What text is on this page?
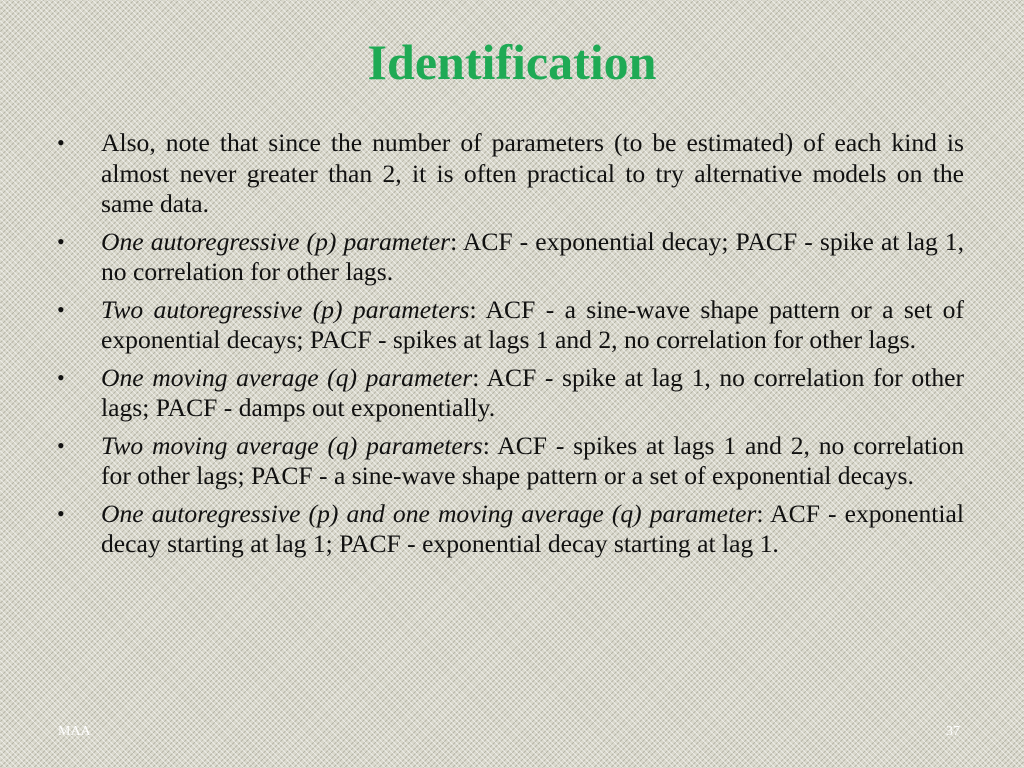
Identification
• Also, note that since the number of parameters (to be estimated) of each kind is almost never greater than 2, it is often practical to try alternative models on the same data.
• One autoregressive (p) parameter: ACF - exponential decay; PACF - spike at lag 1, no correlation for other lags.
• Two autoregressive (p) parameters: ACF - a sine-wave shape pattern or a set of exponential decays; PACF - spikes at lags 1 and 2, no correlation for other lags.
• One moving average (q) parameter: ACF - spike at lag 1, no correlation for other lags; PACF - damps out exponentially.
• Two moving average (q) parameters: ACF - spikes at lags 1 and 2, no correlation for other lags; PACF - a sine-wave shape pattern or a set of exponential decays.
• One autoregressive (p) and one moving average (q) parameter: ACF - exponential decay starting at lag 1; PACF - exponential decay starting at lag 1.
MAA	37
